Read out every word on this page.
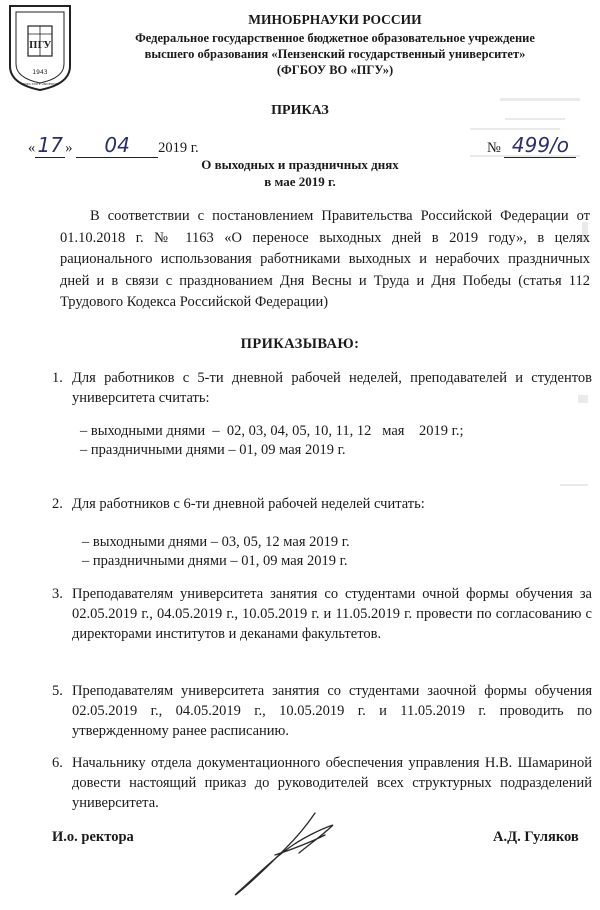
ПГУ
1943
PENZA STATE UNIVERSITY
МИНОБРНАУКИ РОССИИ
Федеральное государственное бюджетное образовательное учреждение
высшего образования «Пензенский государственный университет»
(ФГБОУ ВО «ПГУ»)
ПРИКАЗ
« 17 » 04 2019 г.	№ 499/о
О выходных и праздничных днях
в мае 2019 г.
В соответствии с постановлением Правительства Российской Федерации от 01.10.2018 г. № 1163 «О переносе выходных дней в 2019 году», в целях рационального использования работниками выходных и нерабочих праздничных дней и в связи с празднованием Дня Весны и Труда и Дня Победы (статья 112 Трудового Кодекса Российской Федерации)
ПРИКАЗЫВАЮ:
1. Для работников с 5-ти дневной рабочей неделей, преподавателей и студентов университета считать:
– выходными днями  –  02, 03, 04, 05, 10, 11, 12   мая    2019 г.;
– праздничными днями – 01, 09 мая 2019 г.
2. Для работников с 6-ти дневной рабочей неделей считать:
– выходными днями – 03, 05, 12 мая 2019 г.
– праздничными днями – 01, 09 мая 2019 г.
3. Преподавателям университета занятия со студентами очной формы обучения за 02.05.2019 г., 04.05.2019 г., 10.05.2019 г. и 11.05.2019 г. провести по согласованию с директорами институтов и деканами факультетов.
5. Преподавателям университета занятия со студентами заочной формы обучения 02.05.2019 г., 04.05.2019 г., 10.05.2019 г. и 11.05.2019 г. проводить по утвержденному ранее расписанию.
6. Начальнику отдела документационного обеспечения управления Н.В. Шамариной довести настоящий приказ до руководителей всех структурных подразделений университета.
И.о. ректора	А.Д. Гуляков
